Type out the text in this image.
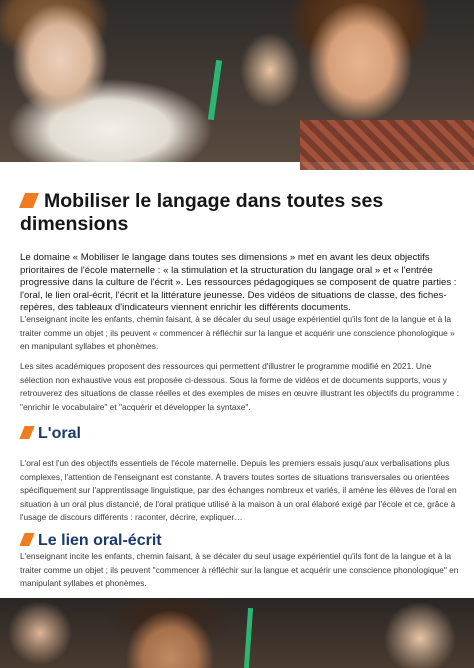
Mobiliser le langage dans toutes ses dimensions

Le domaine « Mobiliser le langage dans toutes ses dimensions » met en avant les deux objectifs prioritaires de l'école maternelle : « la stimulation et la structuration du langage oral » et « l'entrée progressive dans la culture de l'écrit ». Les ressources pédagogiques se composent de quatre parties : l'oral, le lien oral-écrit, l'écrit et la littérature jeunesse. Des vidéos de situations de classe, des fiches-repères, des tableaux d'indicateurs viennent enrichir les différents documents.

L'enseignant incite les enfants, chemin faisant, à se décaler du seul usage expérientiel qu'ils font de la langue et à la traiter comme un objet ; ils peuvent « commencer à réfléchir sur la langue et acquérir une conscience phonologique » en manipulant syllabes et phonèmes.

Les sites académiques proposent des ressources qui permettent d'illustrer le programme modifié en 2021. Une sélection non exhaustive vous est proposée ci-dessous. Sous la forme de vidéos et de documents supports, vous y retrouverez des situations de classe réelles et des exemples de mises en œuvre illustrant les objectifs du programme : "enrichir le vocabulaire" et "acquérir et développer la syntaxe".

L'oral

L'oral est l'un des objectifs essentiels de l'école maternelle. Depuis les premiers essais jusqu'aux verbalisations plus complexes, l'attention de l'enseignant est constante. À travers toutes sortes de situations transversales ou orientées spécifiquement sur l'apprentissage linguistique, par des échanges nombreux et variés, il amène les élèves de l'oral en situation à un oral plus distancié, de l'oral pratique utilisé à la maison à un oral élaboré exigé par l'école et ce, grâce à l'usage de discours différents : raconter, décrire, expliquer…

Le lien oral-écrit

L'enseignant incite les enfants, chemin faisant, à se décaler du seul usage expérientiel qu'ils font de la langue et à la traiter comme un objet ; ils peuvent "commencer à réfléchir sur la langue et acquérir une conscience phonologique" en manipulant syllabes et phonèmes.
